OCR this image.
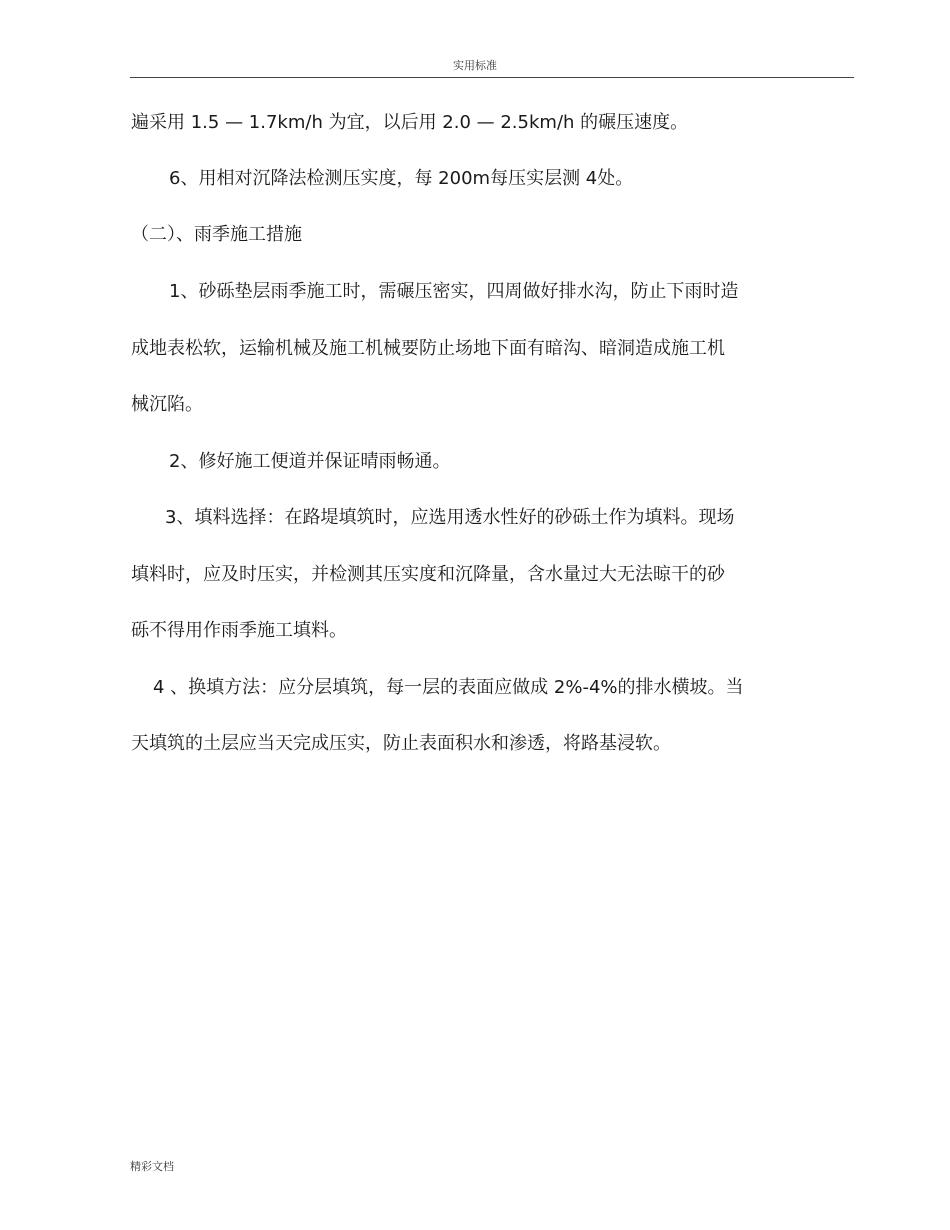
实用标准

遍采用 1.5 — 1.7km/h 为宜，以后用 2.0 — 2.5km/h 的碾压速度。

6、用相对沉降法检测压实度，每 200m每压实层测 4处。

（二）、雨季施工措施

1、砂砾垫层雨季施工时，需碾压密实，四周做好排水沟，防止下雨时造

成地表松软，运输机械及施工机械要防止场地下面有暗沟、暗洞造成施工机

械沉陷。

2、修好施工便道并保证晴雨畅通。

3、填料选择：在路堤填筑时，应选用透水性好的砂砾土作为填料。现场

填料时，应及时压实，并检测其压实度和沉降量，含水量过大无法晾干的砂

砾不得用作雨季施工填料。

4 、换填方法：应分层填筑，每一层的表面应做成 2%-4%的排水横坡。当

天填筑的土层应当天完成压实，防止表面积水和渗透，将路基浸软。

精彩文档
